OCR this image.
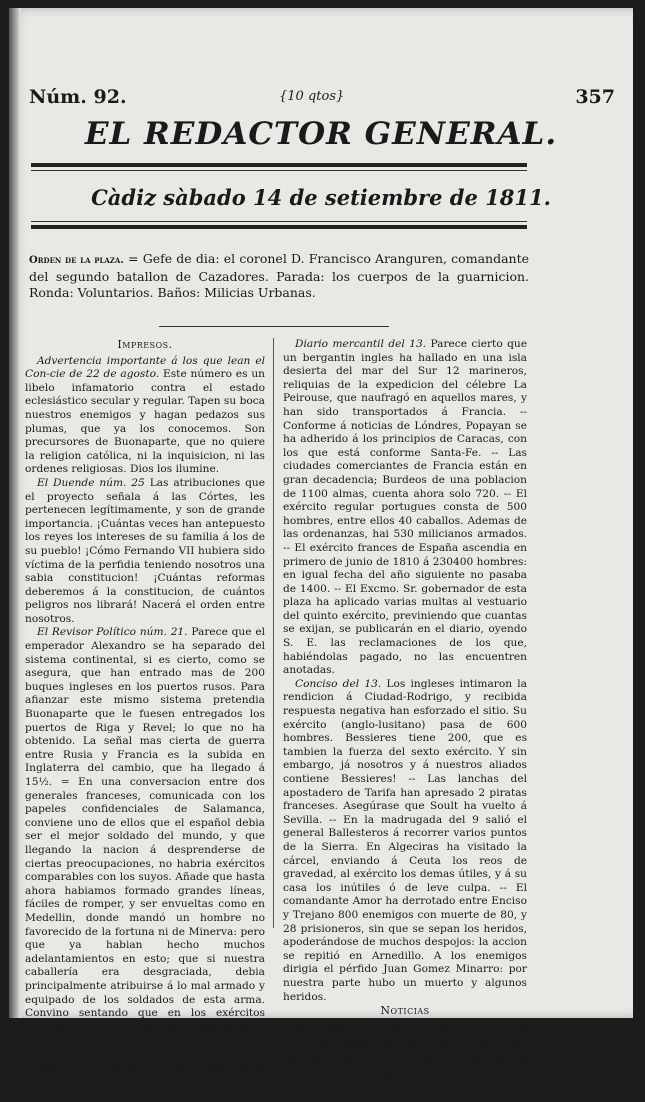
Núm. 92.	{10 qtos}	357
EL REDACTOR GENERAL.
Càdiz sàbado 14 de setiembre de 1811.
Orden de la plaza. = Gefe de dia: el coronel D. Francisco Aranguren, comandante del segundo batallon de Cazadores. Parada: los cuerpos de la guarnicion. Ronda: Voluntarios. Baños: Milicias Urbanas.

Impresos.

Advertencia importante á los que lean el Con-cie de 22 de agosto. Este número es un libelo infamatorio contra el estado eclesiástico secular y regular. Tapen su boca nuestros enemigos y hagan pedazos sus plumas, que ya los conocemos. Son precursores de Buonaparte, que no quiere la religion católica, ni la inquisicion, ni las ordenes religiosas. Dios los ilumine.

El Duende núm. 25 Las atribuciones que el proyecto señala á las Córtes, les pertenecen legítimamente, y son de grande importancia. ¡Cuántas veces han antepuesto los reyes los intereses de su familia á los de su pueblo! ¡Cómo Fernando VII hubiera sido víctima de la perfidia teniendo nosotros una sabia constitucion! ¡Cuántas reformas deberemos á la constitucion, de cuántos peligros nos librará! Nacerá el orden entre nosotros.

El Revisor Político núm. 21. Parece que el emperador Alexandro se ha separado del sistema continental, si es cierto, como se asegura, que han entrado mas de 200 buques ingleses en los puertos rusos. Para afianzar este mismo sistema pretendia Buonaparte que le fuesen entregados los puertos de Riga y Revel; lo que no ha obtenido. La señal mas cierta de guerra entre Rusia y Francia es la subida en Inglaterra del cambio, que ha llegado á 15½. = En una conversacion entre dos generales franceses, comunicada con los papeles confidenciales de Salamanca, conviene uno de ellos que el español debia ser el mejor soldado del mundo, y que llegando la nacion á desprenderse de ciertas preocupaciones, no habria exércitos comparables con los suyos. Añade que hasta ahora habiamos formado grandes líneas, fáciles de romper, y ser envueltas como en Medellin, donde mandó un hombre no favorecido de la fortuna ni de Minerva: pero que ya habian hecho muchos adelantamientos en esto; que si nuestra caballería era desgraciada, debia principalmente atribuirse á lo mal armado y equipado de los soldados de esta arma. Convino sentando que en los exércitos franceses se advierte ya alguna decadencia, pues no se peleaba por la gloria, pensándose solo en robar y asesinar, y que la guerra de España seria mui larga; pues era mui dificil se pasase la calentura revolucionaria de los españoles.

Diario mercantil del 13. Parece cierto que un bergantin ingles ha hallado en una isla desierta del mar del Sur 12 marineros, reliquias de la expedicion del célebre La Peirouse, que naufragó en aquellos mares, y han sido transportados á Francia. -- Conforme á noticias de Lóndres, Popayan se ha adherido á los principios de Caracas, con los que está conforme Santa-Fe. -- Las ciudades comerciantes de Francia están en gran decadencia; Burdeos de una poblacion de 1100 almas, cuenta ahora solo 720. -- El exército regular portugues consta de 500 hombres, entre ellos 40 caballos. Ademas de las ordenanzas, hai 530 milicianos armados. -- El exército frances de España ascendia en primero de junio de 1810 á 230400 hombres: en igual fecha del año siguiente no pasaba de 1400. -- El Excmo. Sr. gobernador de esta plaza ha aplicado varias multas al vestuario del quinto exército, previniendo que cuantas se exijan, se publicarán en el diario, oyendo S. E. las reclamaciones de los que, habiéndolas pagado, no las encuentren anotadas.

Conciso del 13. Los ingleses intimaron la rendicion á Ciudad-Rodrigo, y recibida respuesta negativa han esforzado el sitio. Su exército (anglo-lusitano) pasa de 600 hombres. Bessieres tiene 200, que es tambien la fuerza del sexto exército. Y sin embargo, já nosotros y á nuestros aliados contiene Bessieres! -- Las lanchas del apostadero de Tarifa han apresado 2 piratas franceses. Asegúrase que Soult ha vuelto á Sevilla. -- En la madrugada del 9 salió el general Ballesteros á recorrer varios puntos de la Sierra. En Algeciras ha visitado la cárcel, enviando á Ceuta los reos de gravedad, al exército los demas útiles, y á su casa los inútiles ó de leve culpa. -- El comandante Amor ha derrotado entre Enciso y Trejano 800 enemigos con muerte de 80, y 28 prisioneros, sin que se sepan los heridos, apoderándose de muchos despojos: la accion se repitió en Arnedillo. A los enemigos dirigia el pérfido Juan Gomez Minarro: por nuestra parte hubo un muerto y algunos heridos.

Noticias

Granada 12 de agosto. = Han entrado 400 heridos franceses de resultas de la operacion de Soult contra el 3.er exército.
